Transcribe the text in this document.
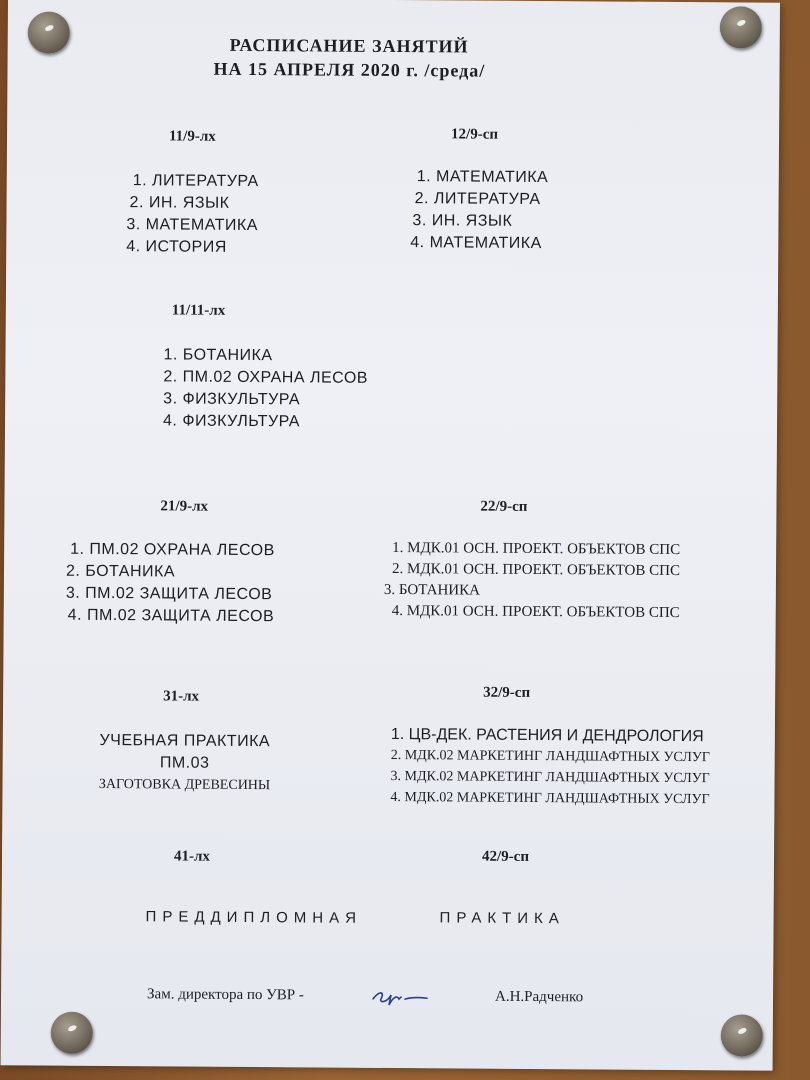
РАСПИСАНИЕ ЗАНЯТИЙ
НА 15 АПРЕЛЯ 2020 г. /среда/
11/9-лх
1. ЛИТЕРАТУРА
2. ИН. ЯЗЫК
3. МАТЕМАТИКА
4. ИСТОРИЯ
12/9-сп
1. МАТЕМАТИКА
2. ЛИТЕРАТУРА
3. ИН. ЯЗЫК
4. МАТЕМАТИКА
11/11-лх
1. БОТАНИКА
2. ПМ.02 ОХРАНА ЛЕСОВ
3. ФИЗКУЛЬТУРА
4. ФИЗКУЛЬТУРА
21/9-лх
1. ПМ.02 ОХРАНА ЛЕСОВ
2. БОТАНИКА
3. ПМ.02 ЗАЩИТА ЛЕСОВ
4. ПМ.02 ЗАЩИТА ЛЕСОВ
22/9-сп
1. МДК.01 ОСН. ПРОЕКТ. ОБЪЕКТОВ СПС
2. МДК.01 ОСН. ПРОЕКТ. ОБЪЕКТОВ СПС
3. БОТАНИКА
4. МДК.01 ОСН. ПРОЕКТ. ОБЪЕКТОВ СПС
31-лх
УЧЕБНАЯ ПРАКТИКА
ПМ.03
ЗАГОТОВКА ДРЕВЕСИНЫ
32/9-сп
1. ЦВ-ДЕК. РАСТЕНИЯ И ДЕНДРОЛОГИЯ
2. МДК.02 МАРКЕТИНГ ЛАНДШАФТНЫХ УСЛУГ
3. МДК.02 МАРКЕТИНГ ЛАНДШАФТНЫХ УСЛУГ
4. МДК.02 МАРКЕТИНГ ЛАНДШАФТНЫХ УСЛУГ
41-лх	42/9-сп
ПРЕДДИПЛОМНАЯ	ПРАКТИКА
Зам. директора по УВР -	А.Н.Радченко
